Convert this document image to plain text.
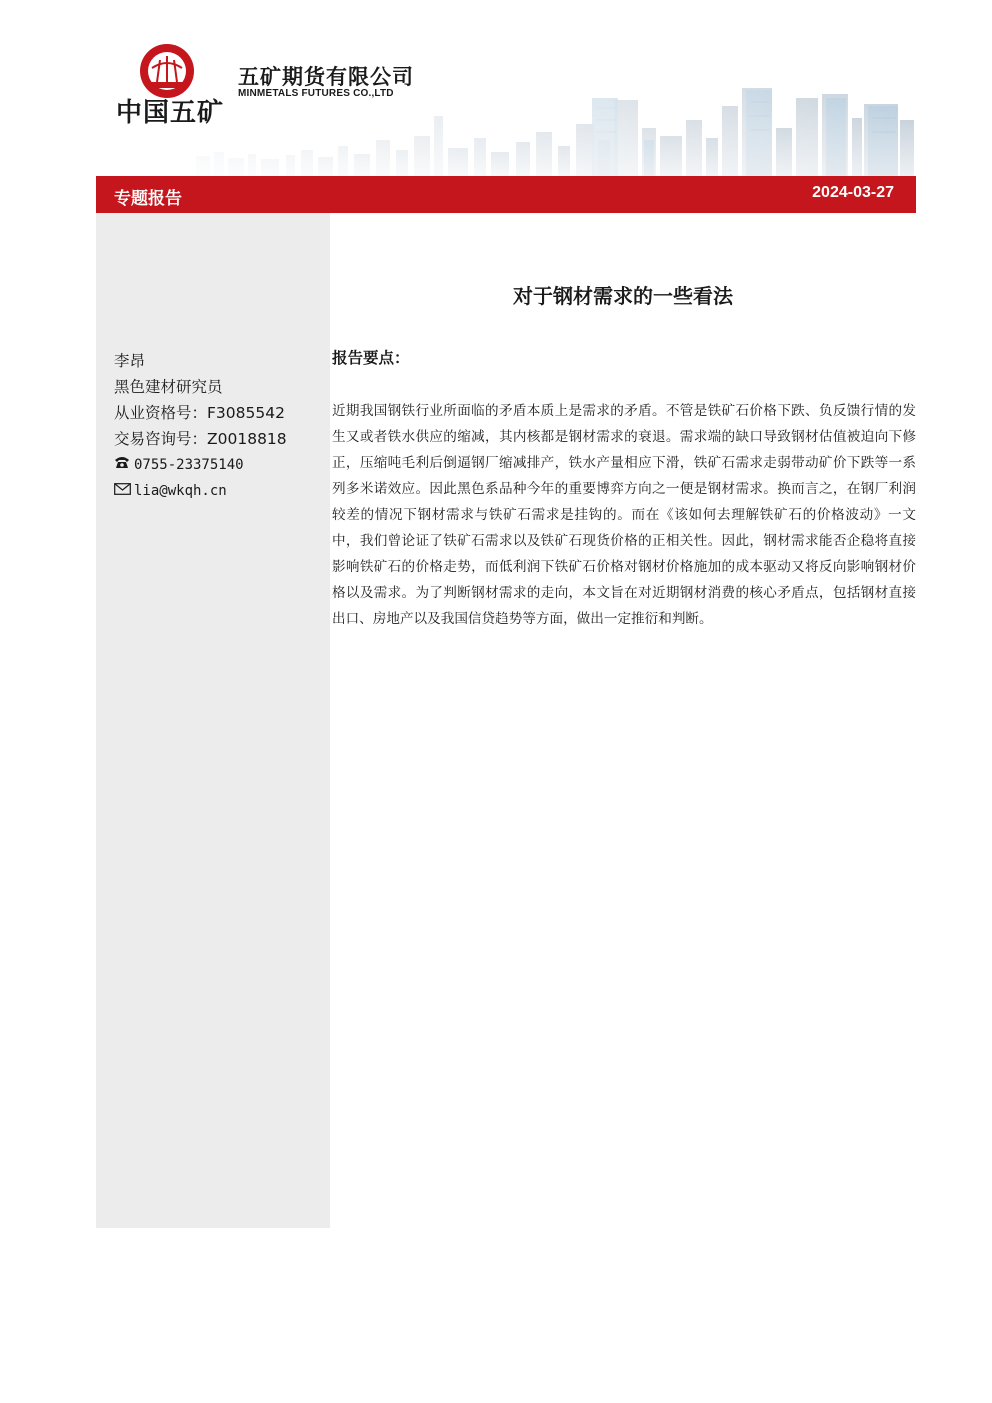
中国五矿
五矿期货有限公司
MINMETALS FUTURES CO.,LTD
专题报告	2024-03-27
李昂
黑色建材研究员
从业资格号：F3085542
交易咨询号：Z0018818
0755-23375140
lia@wkqh.cn
对于钢材需求的一些看法
报告要点：
近期我国钢铁行业所面临的矛盾本质上是需求的矛盾。不管是铁矿石价格下跌、负反馈行情的发生又或者铁水供应的缩减，其内核都是钢材需求的衰退。需求端的缺口导致钢材估值被迫向下修正，压缩吨毛利后倒逼钢厂缩减排产，铁水产量相应下滑，铁矿石需求走弱带动矿价下跌等一系列多米诺效应。因此黑色系品种今年的重要博弈方向之一便是钢材需求。换而言之，在钢厂利润较差的情况下钢材需求与铁矿石需求是挂钩的。而在《该如何去理解铁矿石的价格波动》一文中，我们曾论证了铁矿石需求以及铁矿石现货价格的正相关性。因此，钢材需求能否企稳将直接影响铁矿石的价格走势，而低利润下铁矿石价格对钢材价格施加的成本驱动又将反向影响钢材价格以及需求。为了判断钢材需求的走向，本文旨在对近期钢材消费的核心矛盾点，包括钢材直接出口、房地产以及我国信贷趋势等方面，做出一定推衍和判断。
